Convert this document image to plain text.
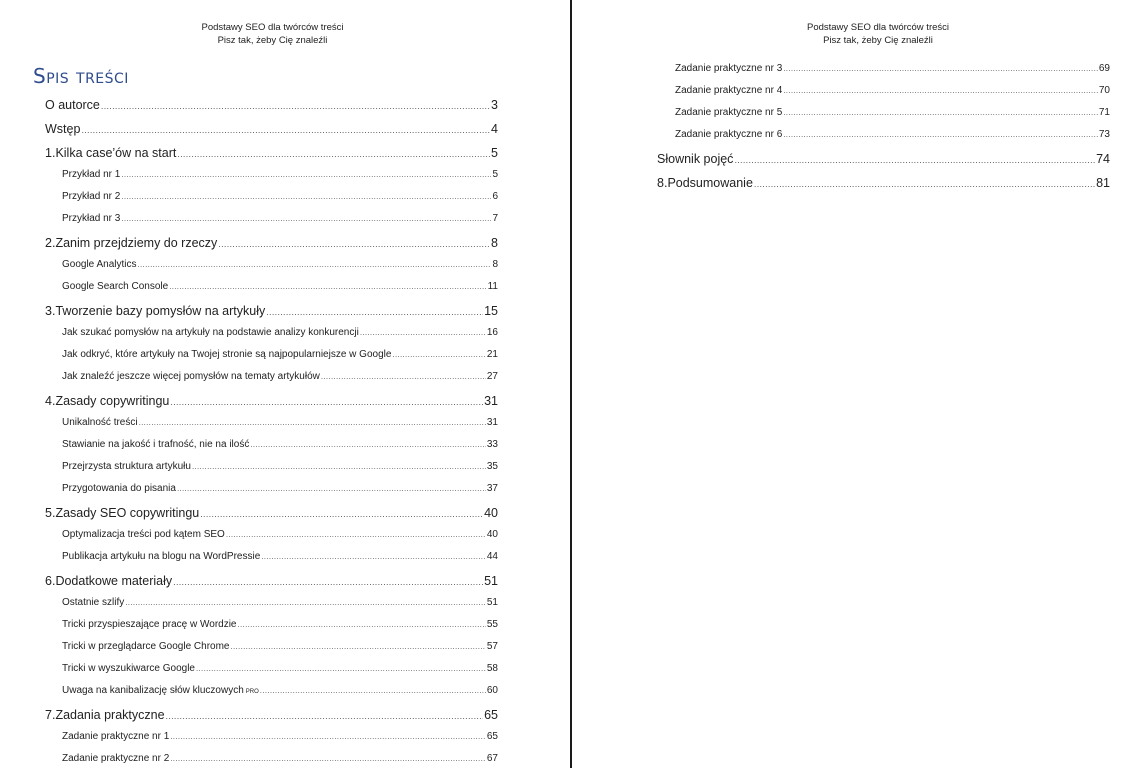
Podstawy SEO dla twórców treści
Pisz tak, żeby Cię znaleźli
Spis treści
O autorce .....	3
Wstęp .....	4
1. Kilka case’ów na start .....	5
Przykład nr 1 .....	5
Przykład nr 2 .....	6
Przykład nr 3 .....	7
2. Zanim przejdziemy do rzeczy .....	8
Google Analytics .....	8
Google Search Console .....	11
3. Tworzenie bazy pomysłów na artykuły .....	15
Jak szukać pomysłów na artykuły na podstawie analizy konkurencji .....	16
Jak odkryć, które artykuły na Twojej stronie są najpopularniejsze w Google .....	21
Jak znaleźć jeszcze więcej pomysłów na tematy artykułów .....	27
4. Zasady copywritingu .....	31
Unikalność treści .....	31
Stawianie na jakość i trafność, nie na ilość .....	33
Przejrzysta struktura artykułu .....	35
Przygotowania do pisania .....	37
5. Zasady SEO copywritingu .....	40
Optymalizacja treści pod kątem SEO .....	40
Publikacja artykułu na blogu na WordPressie .....	44
6. Dodatkowe materiały .....	51
Ostatnie szlify .....	51
Tricki przyspieszające pracę w Wordzie .....	55
Tricki w przeglądarce Google Chrome .....	57
Tricki w wyszukiwarce Google .....	58
Uwaga na kanibalizację słów kluczowych PRO .....	60
7. Zadania praktyczne .....	65
Zadanie praktyczne nr 1 .....	65
Zadanie praktyczne nr 2 .....	67
Podstawy SEO dla twórców treści
Pisz tak, żeby Cię znaleźli
Zadanie praktyczne nr 3 .....	69
Zadanie praktyczne nr 4 .....	70
Zadanie praktyczne nr 5 .....	71
Zadanie praktyczne nr 6 .....	73
Słownik pojęć .....	74
8. Podsumowanie .....	81
